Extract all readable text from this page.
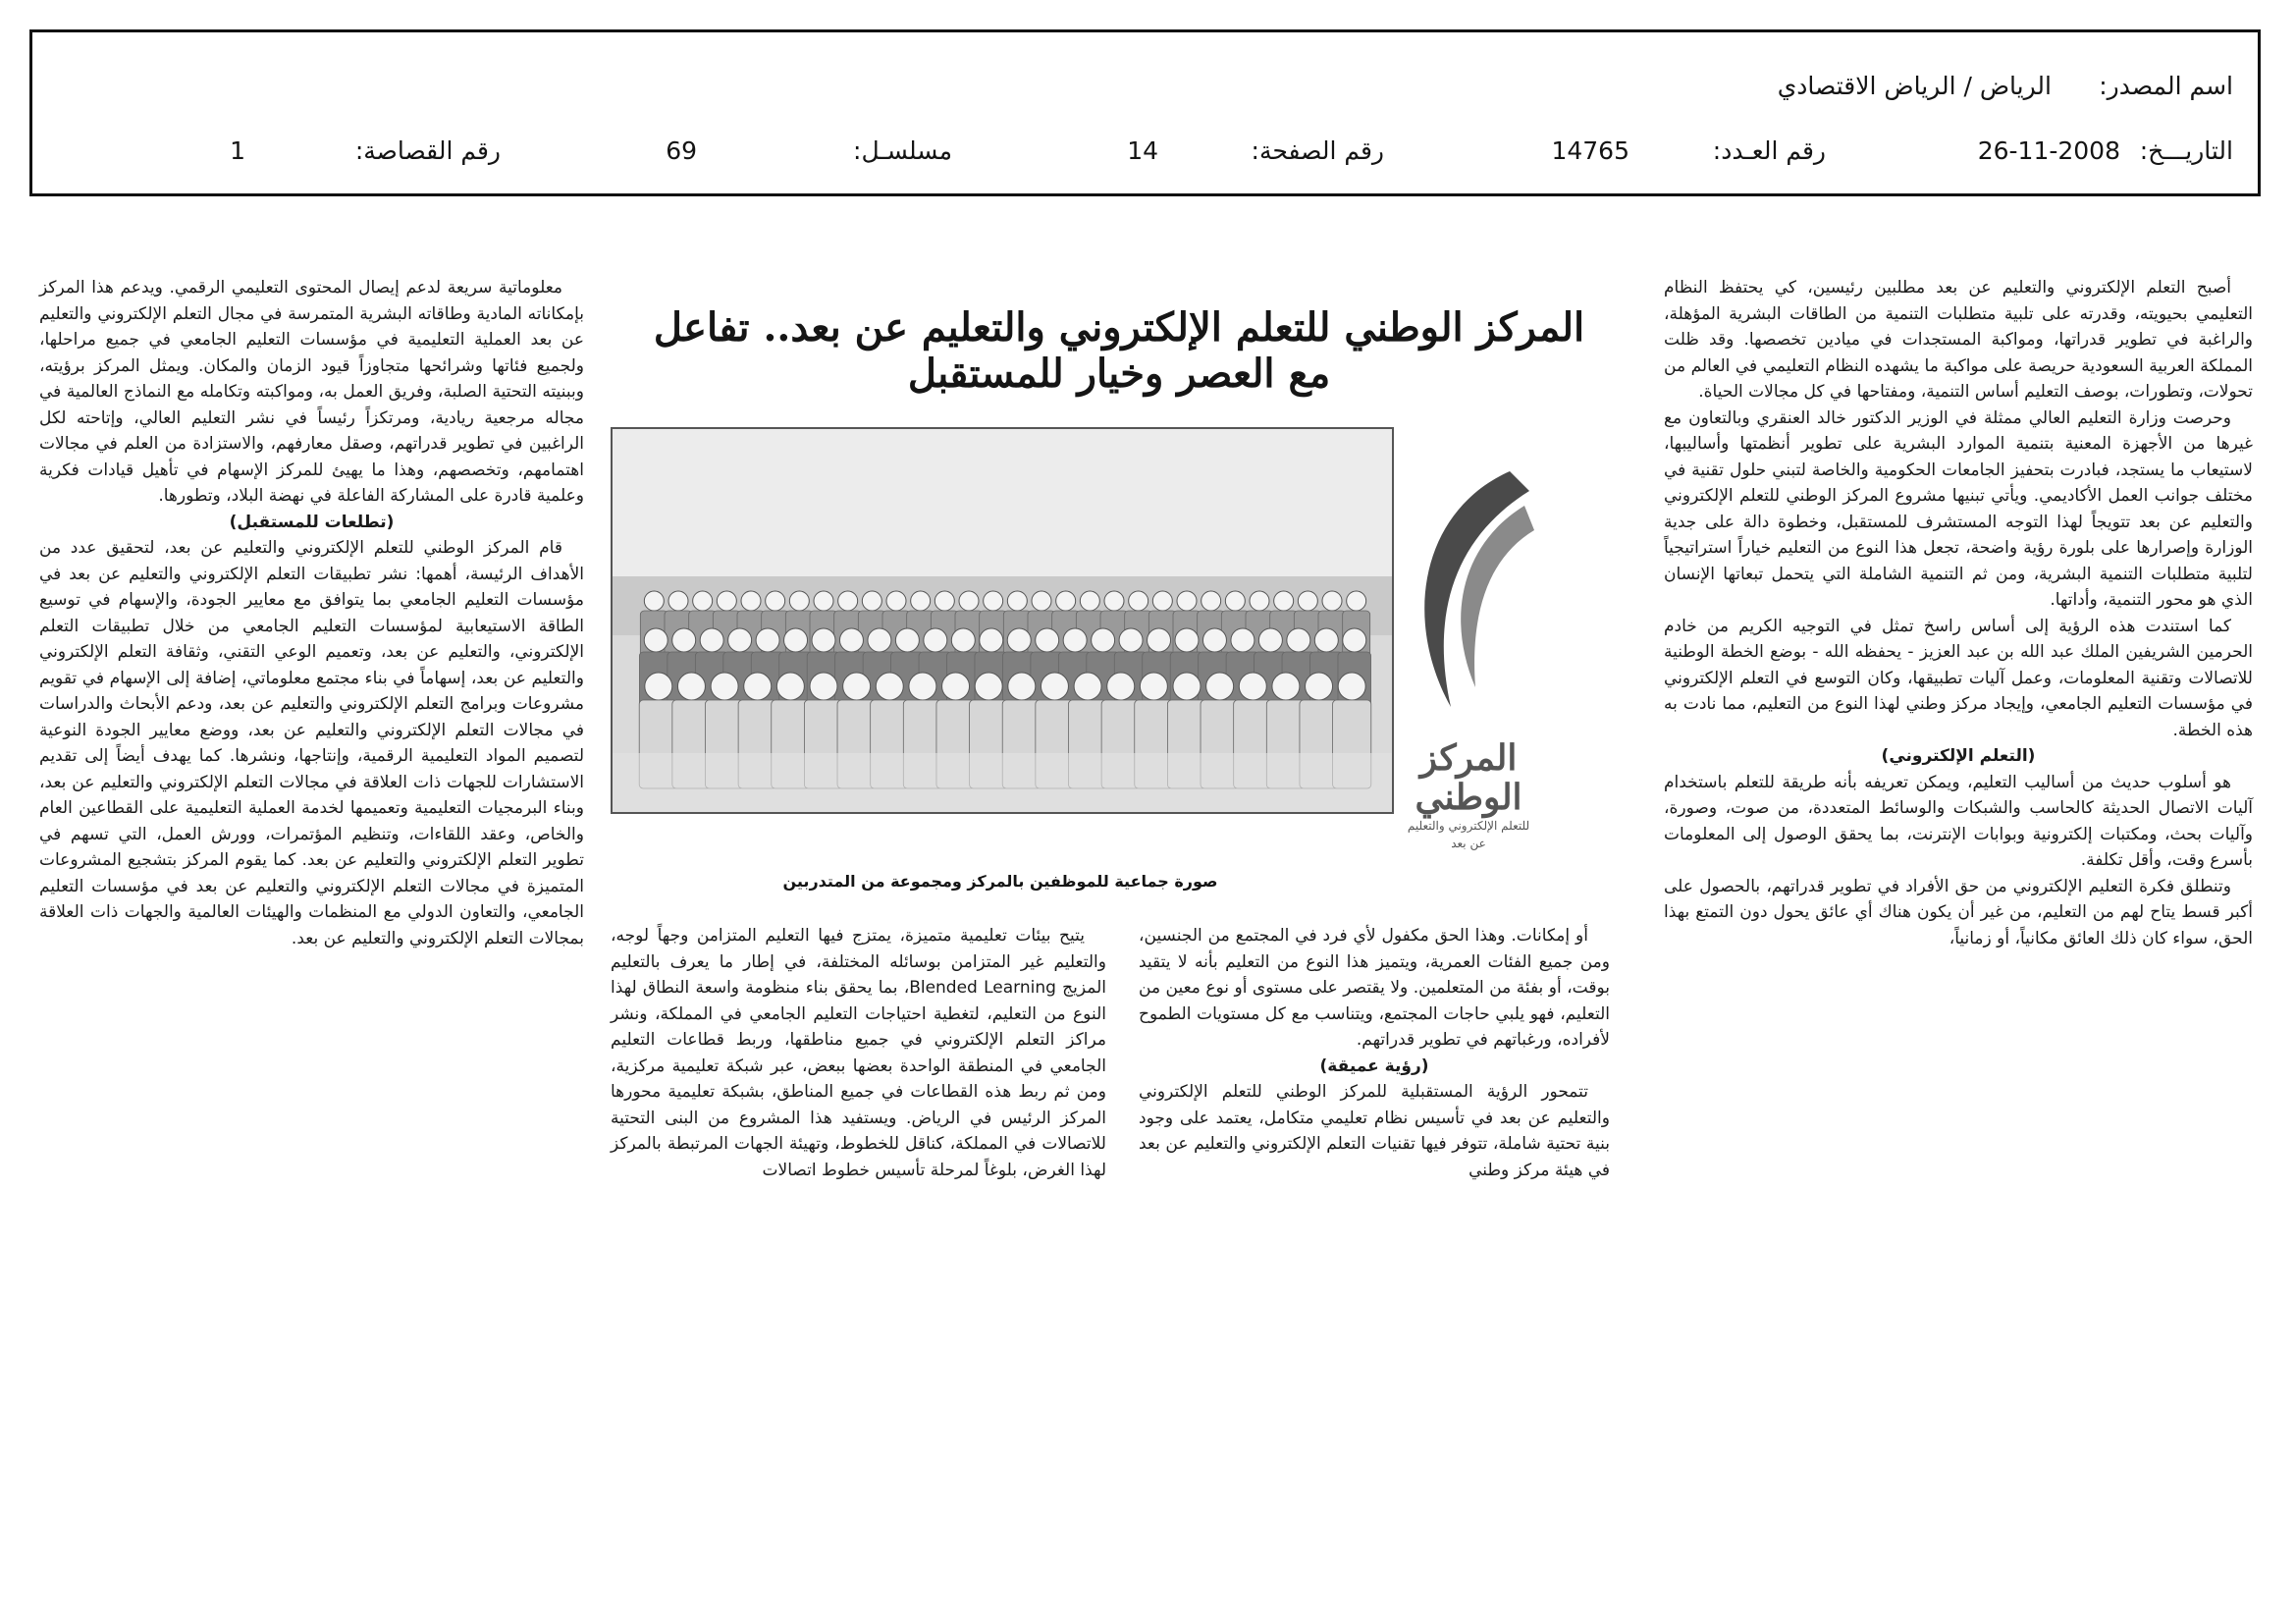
اسم المصدر:
الرياض / الرياض الاقتصادي
التاريـــخ:
26-11-2008
رقم العـدد:
14765
رقم الصفحة:
14
مسلسـل:
69
رقم القصاصة:
1
المركز الوطني للتعلم الإلكتروني والتعليم عن بعد.. تفاعل مع العصر وخيار للمستقبل
المركز الوطني
للتعلم الإلكتروني والتعليم عن بعد
صورة جماعية للموظفين بالمركز ومجموعة من المتدربين

أصبح التعلم الإلكتروني والتعليم عن بعد مطلبين رئيسين، كي يحتفظ النظام التعليمي بحيويته، وقدرته على تلبية متطلبات التنمية من الطاقات البشرية المؤهلة، والراغبة في تطوير قدراتها، ومواكبة المستجدات في ميادين تخصصها. وقد ظلت المملكة العربية السعودية حريصة على مواكبة ما يشهده النظام التعليمي في العالم من تحولات، وتطورات، بوصف التعليم أساس التنمية، ومفتاحها في كل مجالات الحياة.

وحرصت وزارة التعليم العالي ممثلة في الوزير الدكتور خالد العنقري وبالتعاون مع غيرها من الأجهزة المعنية بتنمية الموارد البشرية على تطوير أنظمتها وأساليبها، لاستيعاب ما يستجد، فبادرت بتحفيز الجامعات الحكومية والخاصة لتبني حلول تقنية في مختلف جوانب العمل الأكاديمي. ويأتي تبنيها مشروع المركز الوطني للتعلم الإلكتروني والتعليم عن بعد تتويجاً لهذا التوجه المستشرف للمستقبل، وخطوة دالة على جدية الوزارة وإصرارها على بلورة رؤية واضحة، تجعل هذا النوع من التعليم خياراً استراتيجياً لتلبية متطلبات التنمية البشرية، ومن ثم التنمية الشاملة التي يتحمل تبعاتها الإنسان الذي هو محور التنمية، وأداتها.

كما استندت هذه الرؤية إلى أساس راسخ تمثل في التوجيه الكريم من خادم الحرمين الشريفين الملك عبد الله بن عبد العزيز - يحفظه الله - بوضع الخطة الوطنية للاتصالات وتقنية المعلومات، وعمل آليات تطبيقها، وكان التوسع في التعلم الإلكتروني في مؤسسات التعليم الجامعي، وإيجاد مركز وطني لهذا النوع من التعليم، مما نادت به هذه الخطة.

(التعلم الإلكتروني)

هو أسلوب حديث من أساليب التعليم، ويمكن تعريفه بأنه طريقة للتعلم باستخدام آليات الاتصال الحديثة كالحاسب والشبكات والوسائط المتعددة، من صوت، وصورة، وآليات بحث، ومكتبات إلكترونية وبوابات الإنترنت، بما يحقق الوصول إلى المعلومات بأسرع وقت، وأقل تكلفة.

وتنطلق فكرة التعليم الإلكتروني من حق الأفراد في تطوير قدراتهم، بالحصول على أكبر قسط يتاح لهم من التعليم، من غير أن يكون هناك أي عائق يحول دون التمتع بهذا الحق، سواء كان ذلك العائق مكانياً، أو زمانياً،

أو إمكانات. وهذا الحق مكفول لأي فرد في المجتمع من الجنسين، ومن جميع الفئات العمرية، ويتميز هذا النوع من التعليم بأنه لا يتقيد بوقت، أو بفئة من المتعلمين. ولا يقتصر على مستوى أو نوع معين من التعليم، فهو يلبي حاجات المجتمع، ويتناسب مع كل مستويات الطموح لأفراده، ورغباتهم في تطوير قدراتهم.

(رؤية عميقة)

تتمحور الرؤية المستقبلية للمركز الوطني للتعلم الإلكتروني والتعليم عن بعد في تأسيس نظام تعليمي متكامل، يعتمد على وجود بنية تحتية شاملة، تتوفر فيها تقنيات التعلم الإلكتروني والتعليم عن بعد في هيئة مركز وطني

يتيح بيئات تعليمية متميزة، يمتزج فيها التعليم المتزامن وجهاً لوجه، والتعليم غير المتزامن بوسائله المختلفة، في إطار ما يعرف بالتعليم المزيج Blended Learning، بما يحقق بناء منظومة واسعة النطاق لهذا النوع من التعليم، لتغطية احتياجات التعليم الجامعي في المملكة، ونشر مراكز التعلم الإلكتروني في جميع مناطقها، وربط قطاعات التعليم الجامعي في المنطقة الواحدة بعضها ببعض، عبر شبكة تعليمية مركزية، ومن ثم ربط هذه القطاعات في جميع المناطق، بشبكة تعليمية محورها المركز الرئيس في الرياض. ويستفيد هذا المشروع من البنى التحتية للاتصالات في المملكة، كناقل للخطوط، وتهيئة الجهات المرتبطة بالمركز لهذا الغرض، بلوغاً لمرحلة تأسيس خطوط اتصالات

معلوماتية سريعة لدعم إيصال المحتوى التعليمي الرقمي. ويدعم هذا المركز بإمكاناته المادية وطاقاته البشرية المتمرسة في مجال التعلم الإلكتروني والتعليم عن بعد العملية التعليمية في مؤسسات التعليم الجامعي في جميع مراحلها، ولجميع فئاتها وشرائحها متجاوزاً قيود الزمان والمكان. ويمثل المركز برؤيته، وببنيته التحتية الصلبة، وفريق العمل به، ومواكبته وتكامله مع النماذج العالمية في مجاله مرجعية ريادية، ومرتكزاً رئيساً في نشر التعليم العالي، وإتاحته لكل الراغبين في تطوير قدراتهم، وصقل معارفهم، والاستزادة من العلم في مجالات اهتمامهم، وتخصصهم، وهذا ما يهيئ للمركز الإسهام في تأهيل قيادات فكرية وعلمية قادرة على المشاركة الفاعلة في نهضة البلاد، وتطورها.

(تطلعات للمستقبل)

قام المركز الوطني للتعلم الإلكتروني والتعليم عن بعد، لتحقيق عدد من الأهداف الرئيسة، أهمها: نشر تطبيقات التعلم الإلكتروني والتعليم عن بعد في مؤسسات التعليم الجامعي بما يتوافق مع معايير الجودة، والإسهام في توسيع الطاقة الاستيعابية لمؤسسات التعليم الجامعي من خلال تطبيقات التعلم الإلكتروني، والتعليم عن بعد، وتعميم الوعي التقني، وثقافة التعلم الإلكتروني والتعليم عن بعد، إسهاماً في بناء مجتمع معلوماتي، إضافة إلى الإسهام في تقويم مشروعات وبرامج التعلم الإلكتروني والتعليم عن بعد، ودعم الأبحاث والدراسات في مجالات التعلم الإلكتروني والتعليم عن بعد، ووضع معايير الجودة النوعية لتصميم المواد التعليمية الرقمية، وإنتاجها، ونشرها. كما يهدف أيضاً إلى تقديم الاستشارات للجهات ذات العلاقة في مجالات التعلم الإلكتروني والتعليم عن بعد، وبناء البرمجيات التعليمية وتعميمها لخدمة العملية التعليمية على القطاعين العام والخاص، وعقد اللقاءات، وتنظيم المؤتمرات، وورش العمل، التي تسهم في تطوير التعلم الإلكتروني والتعليم عن بعد. كما يقوم المركز بتشجيع المشروعات المتميزة في مجالات التعلم الإلكتروني والتعليم عن بعد في مؤسسات التعليم الجامعي، والتعاون الدولي مع المنظمات والهيئات العالمية والجهات ذات العلاقة بمجالات التعلم الإلكتروني والتعليم عن بعد.
